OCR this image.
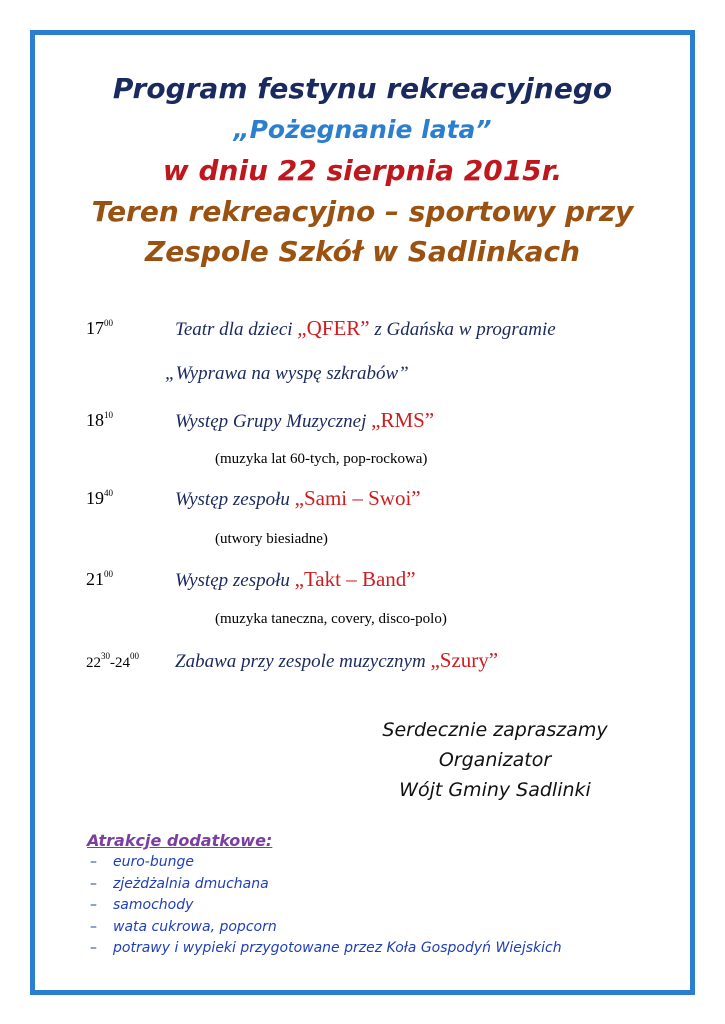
Program festynu rekreacyjnego

„Pożegnanie lata”

w dniu 22 sierpnia 2015r.

Teren rekreacyjno – sportowy przy

Zespole Szkół w Sadlinkach

$17^{00}$	Teatr dla dzieci „QFER” z Gdańska w programie
„Wyprawa na wyspę szkrabów”
$18^{10}$	Występ Grupy Muzycznej „RMS”
(muzyka lat 60-tych, pop-rockowa)
$19^{40}$	Występ zespołu „Sami – Swoi”
(utwory biesiadne)
$21^{00}$	Występ zespołu „Takt – Band”
(muzyka taneczna, covery, disco-polo)
$22^{30}-24^{00}$ Zabawa przy zespole muzycznym „Szury”
Serdecznie zapraszamy
Organizator
Wójt Gminy Sadlinki
Atrakcje dodatkowe:
– euro-bunge
– zjeżdżalnia dmuchana
– samochody
– wata cukrowa, popcorn
– potrawy i wypieki przygotowane przez Koła Gospodyń Wiejskich
